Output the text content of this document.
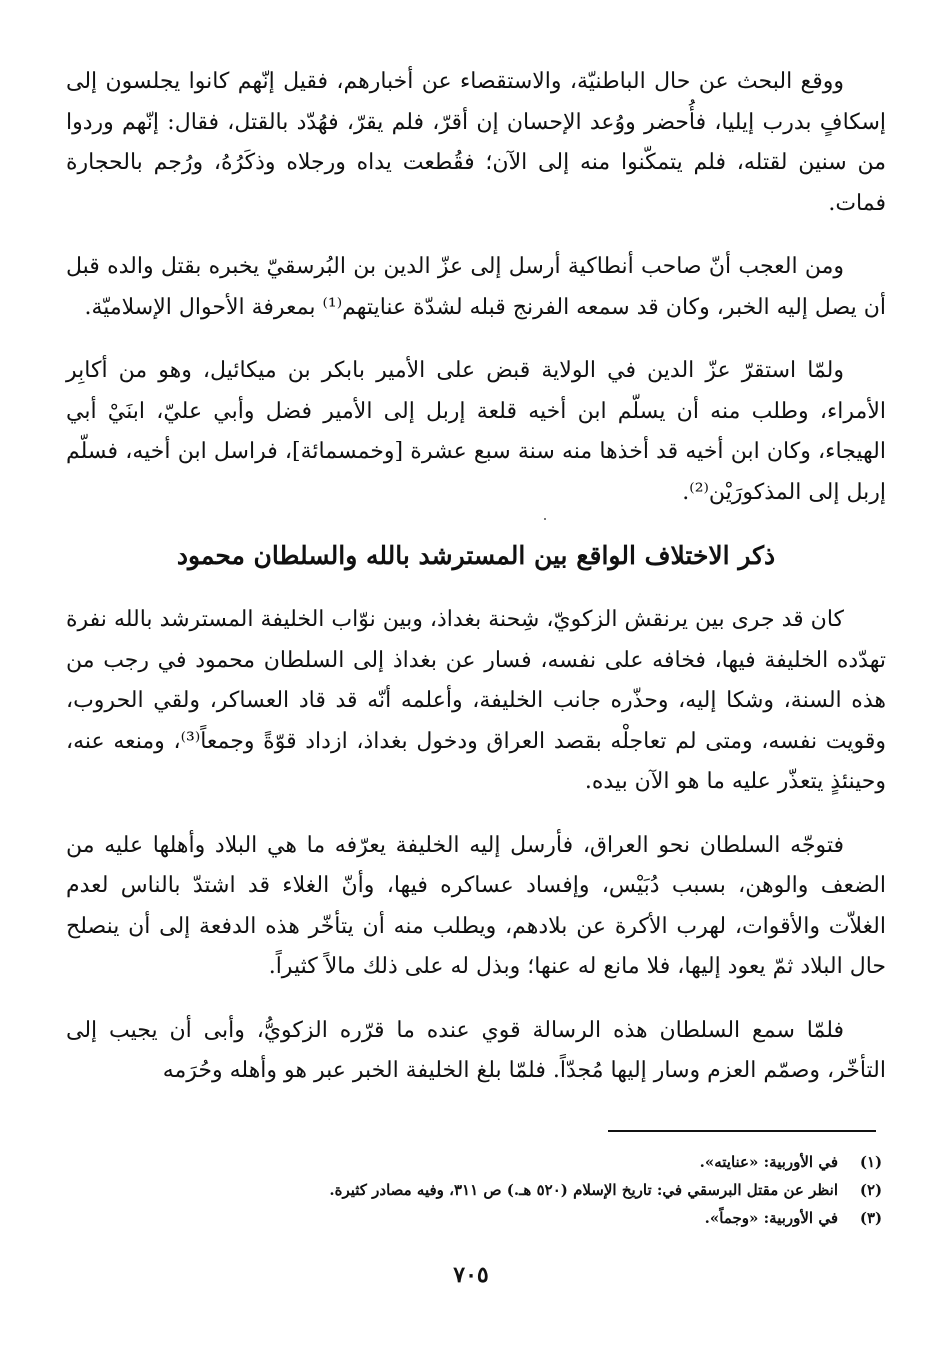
ووقع البحث عن حال الباطنيّة، والاستقصاء عن أخبارهم، فقيل إنّهم كانوا يجلسون إلى إسكافٍ بدرب إيليا، فأُحضر ووُعد الإحسان إن أقرّ، فلم يقرّ، فهُدّد بالقتل، فقال: إنّهم وردوا من سنين لقتله، فلم يتمكّنوا منه إلى الآن؛ فقُطعت يداه ورجلاه وذكَرُهُ، ورُجم بالحجارة فمات.

ومن العجب أنّ صاحب أنطاكية أرسل إلى عزّ الدين بن البُرسقيّ يخبره بقتل والده قبل أن يصل إليه الخبر، وكان قد سمعه الفرنج قبله لشدّة عنايتهم⁽¹⁾ بمعرفة الأحوال الإسلاميّة.

ولمّا استقرّ عزّ الدين في الولاية قبض على الأمير بابكر بن ميكائيل، وهو من أكابِر الأمراء، وطلب منه أن يسلّم ابن أخيه قلعة إربل إلى الأمير فضل وأبي عليّ، ابنَيْ أبي الهيجاء، وكان ابن أخيه قد أخذها منه سنة سبع عشرة [وخمسمائة]، فراسل ابن أخيه، فسلّم إربل إلى المذكورَيْن⁽²⁾.

ذكر الاختلاف الواقع بين المسترشد بالله والسلطان محمود

كان قد جرى بين يرنقش الزكويّ، شِحنة بغداذ، وبين نوّاب الخليفة المسترشد بالله نفرة تهدّده الخليفة فيها، فخافه على نفسه، فسار عن بغداذ إلى السلطان محمود في رجب من هذه السنة، وشكا إليه، وحذّره جانب الخليفة، وأعلمه أنّه قد قاد العساكر، ولقي الحروب، وقويت نفسه، ومتى لم تعاجلْه بقصد العراق ودخول بغداذ، ازداد قوّةً وجمعاً⁽³⁾، ومنعه عنه، وحينئذٍ يتعذّر عليه ما هو الآن بيده.

فتوجّه السلطان نحو العراق، فأرسل إليه الخليفة يعرّفه ما هي البلاد وأهلها عليه من الضعف والوهن، بسبب دُبَيْس، وإفساد عساكره فيها، وأنّ الغلاء قد اشتدّ بالناس لعدم الغلاّت والأقوات، لهرب الأكرة عن بلادهم، ويطلب منه أن يتأخّر هذه الدفعة إلى أن ينصلح حال البلاد ثمّ يعود إليها، فلا مانع له عنها؛ وبذل له على ذلك مالاً كثيراً.

فلمّا سمع السلطان هذه الرسالة قوي عنده ما قرّره الزكويُّ، وأبى أن يجيب إلى التأخّر، وصمّم العزم وسار إليها مُجدّاً. فلمّا بلغ الخليفة الخبر عبر هو وأهله وحُرَمه

(١)
في الأوربية: «عنايته».
(٢)
انظر عن مقتل البرسقي في: تاريخ الإسلام (٥٢٠ هـ.) ص ٣١١، وفيه مصادر كثيرة.
(٣)
في الأوربية: «وجماً».
٧٠٥
